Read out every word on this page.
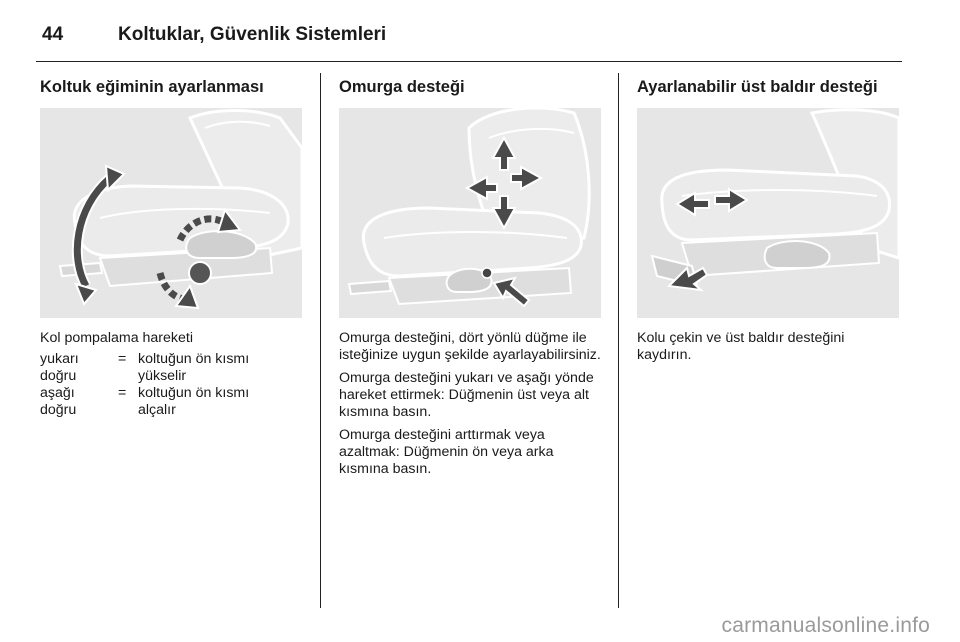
44	Koltuklar, Güvenlik Sistemleri
Koltuk eğiminin ayarlanması

Kol pompalama hareketi

yukarı
doğru
= koltuğun ön kısmı
yükselir
aşağı
doğru
= koltuğun ön kısmı
alçalır
Omurga desteği

Omurga desteğini, dört yönlü düğme ile isteğinize uygun şekilde ayarlayabilirsiniz.

Omurga desteğini yukarı ve aşağı yönde hareket ettirmek: Düğmenin üst veya alt kısmına basın.

Omurga desteğini arttırmak veya azaltmak: Düğmenin ön veya arka kısmına basın.

Ayarlanabilir üst baldır desteği

Kolu çekin ve üst baldır desteğini kaydırın.

carmanualsonline.info
